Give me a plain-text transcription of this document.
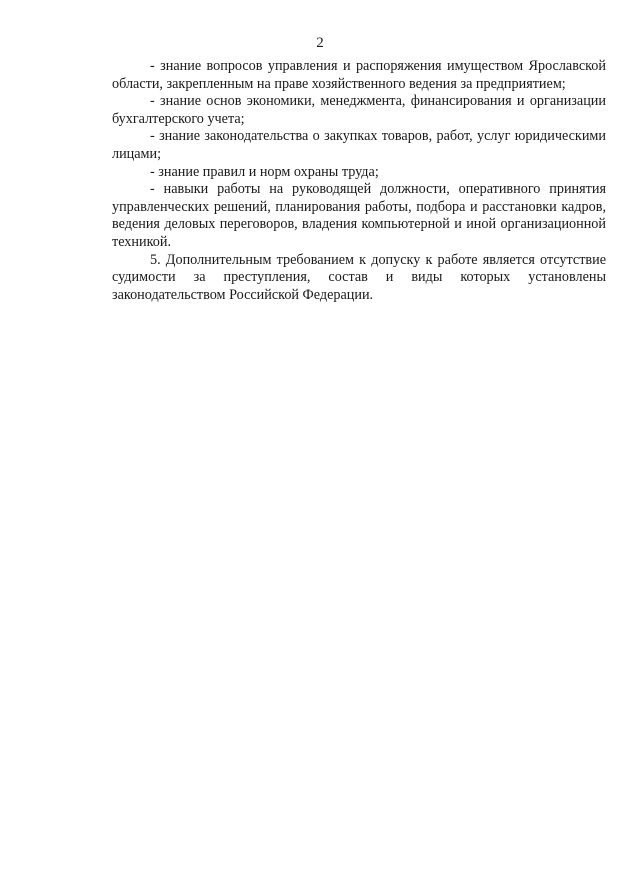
2

- знание вопросов управления и распоряжения имуществом Ярославской области, закрепленным на праве хозяйственного ведения за предприятием;

- знание основ экономики, менеджмента, финансирования и организации бухгалтерского учета;

- знание законодательства о закупках товаров, работ, услуг юридическими лицами;

- знание правил и норм охраны труда;

- навыки работы на руководящей должности, оперативного принятия управленческих решений, планирования работы, подбора и расстановки кадров, ведения деловых переговоров, владения компьютерной и иной организационной техникой.

5. Дополнительным требованием к допуску к работе является отсутствие судимости за преступления, состав и виды которых установлены законодательством Российской Федерации.
